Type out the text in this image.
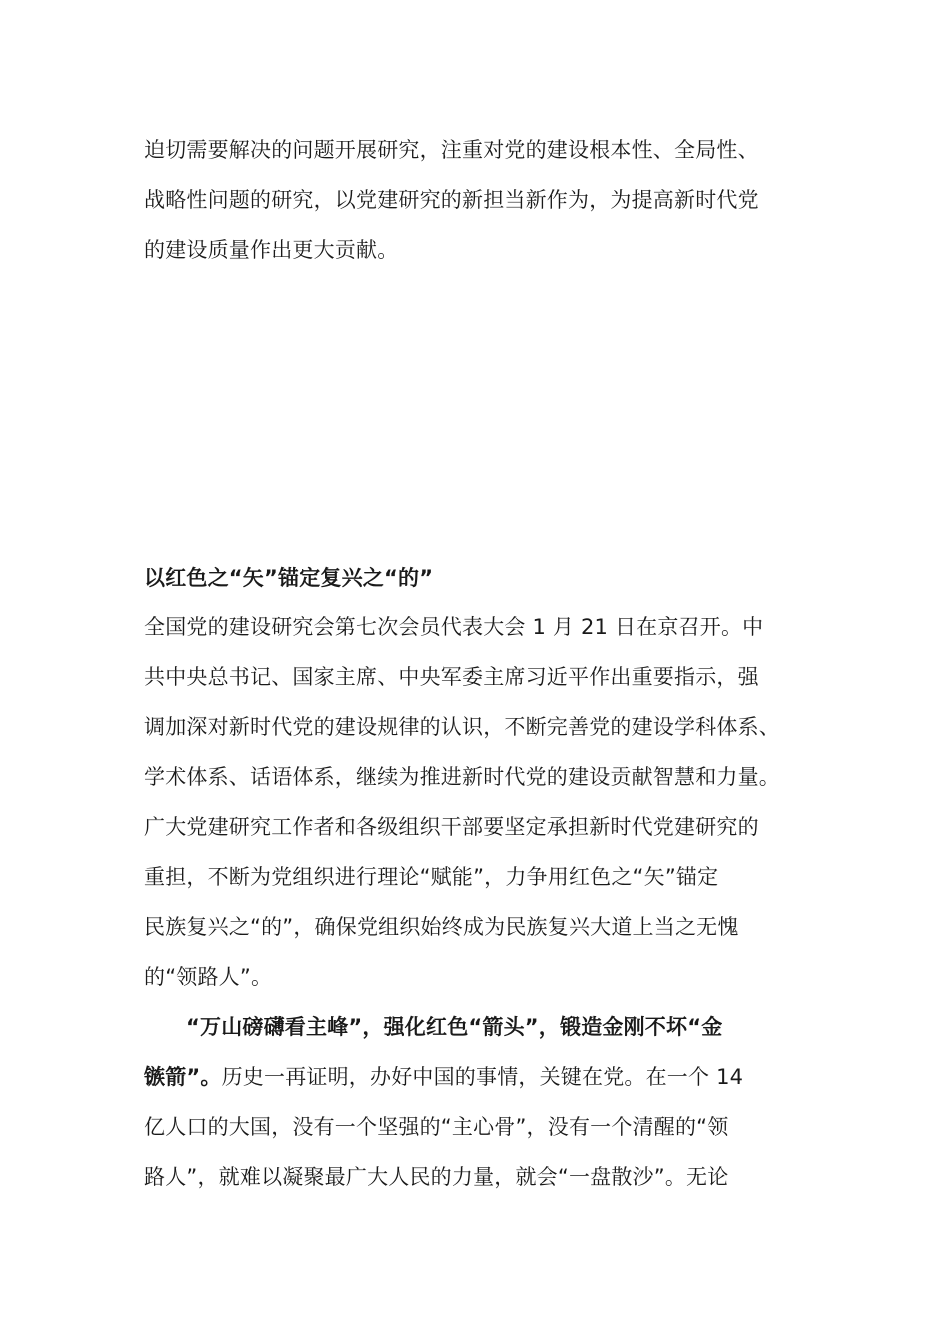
迫切需要解决的问题开展研究，注重对党的建设根本性、全局性、
战略性问题的研究，以党建研究的新担当新作为，为提高新时代党
的建设质量作出更大贡献。
以红色之“矢”锚定复兴之“的”
全国党的建设研究会第七次会员代表大会 1 月 21 日在京召开。中
共中央总书记、国家主席、中央军委主席习近平作出重要指示，强
调加深对新时代党的建设规律的认识，不断完善党的建设学科体系、
学术体系、话语体系，继续为推进新时代党的建设贡献智慧和力量。
广大党建研究工作者和各级组织干部要坚定承担新时代党建研究的
重担，不断为党组织进行理论“赋能”，力争用红色之“矢”锚定
民族复兴之“的”，确保党组织始终成为民族复兴大道上当之无愧
的“领路人”。
“万山磅礴看主峰”，强化红色“箭头”，锻造金刚不坏“金
镞箭”。历史一再证明，办好中国的事情，关键在党。在一个 14
亿人口的大国，没有一个坚强的“主心骨”，没有一个清醒的“领
路人”，就难以凝聚最广大人民的力量，就会“一盘散沙”。无论
